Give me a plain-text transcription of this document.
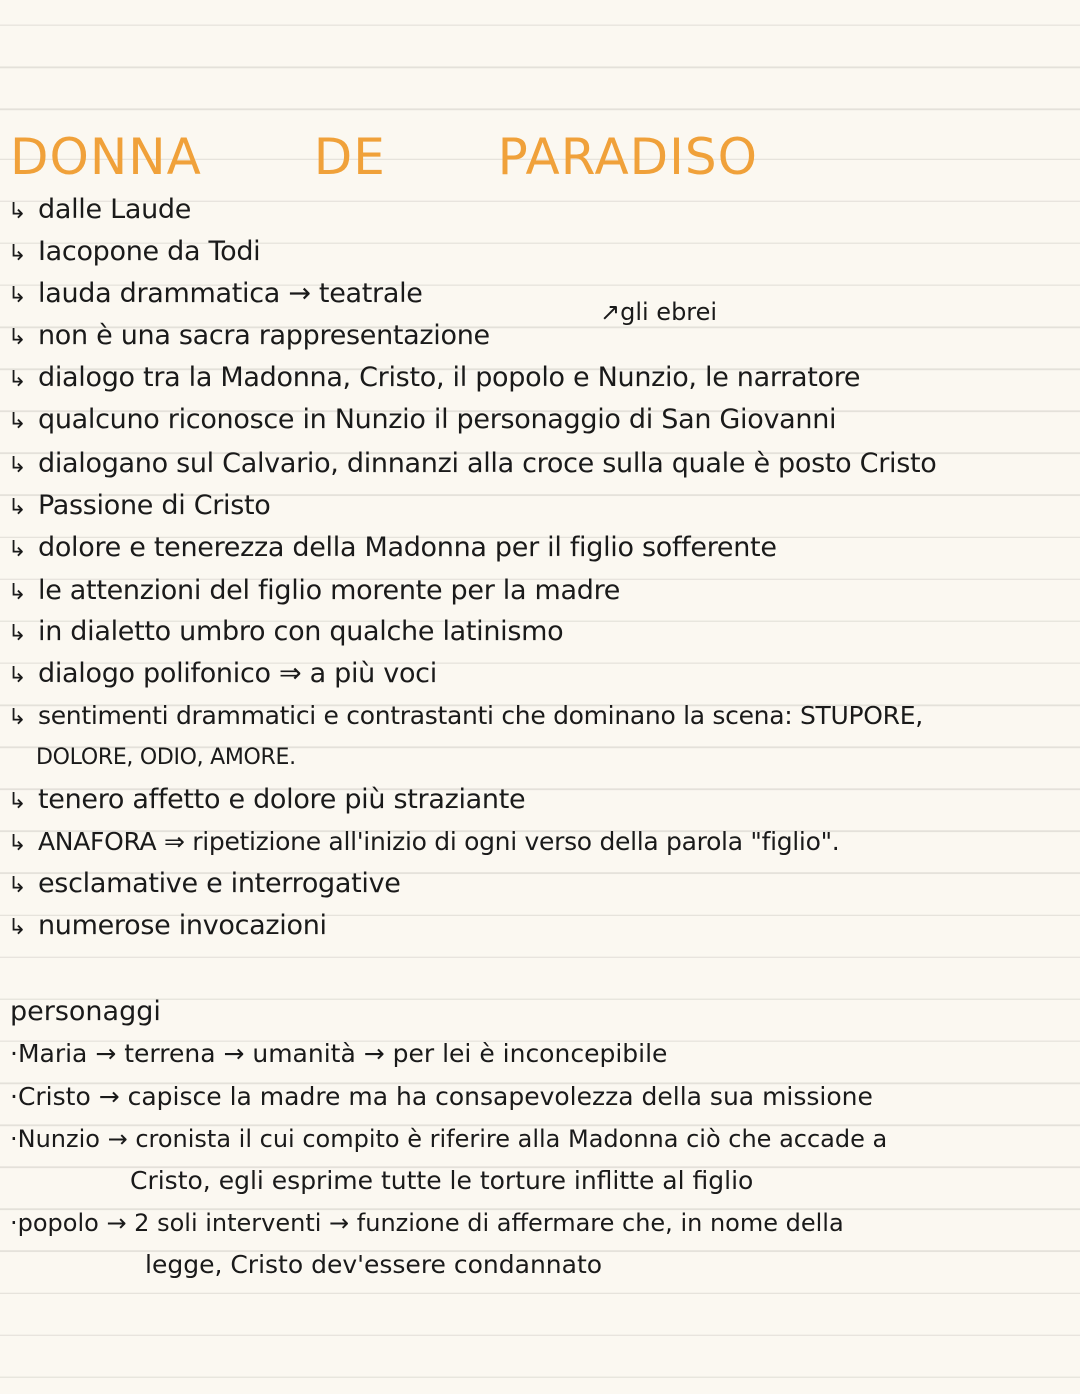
DONNA DE PARADISO
↗gli ebrei
↳ dalle Laude
↳ Iacopone da Todi
↳ lauda drammatica → teatrale
↳ non è una sacra rappresentazione
↳ dialogo tra la Madonna, Cristo, il popolo e Nunzio, le narratore
↳ qualcuno riconosce in Nunzio il personaggio di San Giovanni
↳ dialogano sul Calvario, dinnanzi alla croce sulla quale è posto Cristo
↳ Passione di Cristo
↳ dolore e tenerezza della Madonna per il figlio sofferente
↳ le attenzioni del figlio morente per la madre
↳ in dialetto umbro con qualche latinismo
↳ dialogo polifonico ⇒ a più voci
↳ sentimenti drammatici e contrastanti che dominano la scena: STUPORE,
DOLORE, ODIO, AMORE.
↳ tenero affetto e dolore più straziante
↳ ANAFORA ⇒ ripetizione all'inizio di ogni verso della parola "figlio".
↳ esclamative e interrogative
↳ numerose invocazioni
personaggi
·Maria → terrena → umanità → per lei è inconcepibile
·Cristo → capisce la madre ma ha consapevolezza della sua missione
·Nunzio → cronista il cui compito è riferire alla Madonna ciò che accade a
Cristo, egli esprime tutte le torture inflitte al figlio
·popolo → 2 soli interventi → funzione di affermare che, in nome della
legge, Cristo dev'essere condannato
